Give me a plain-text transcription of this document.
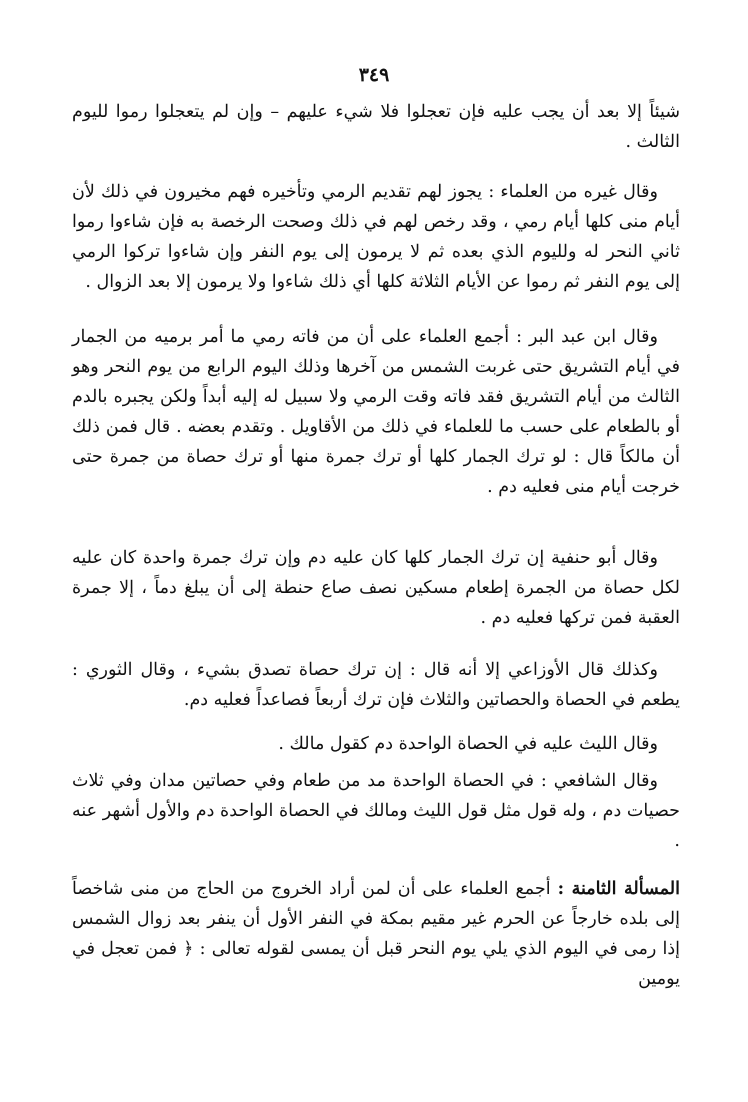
٣٤٩

شيئاً إلا بعد أن يجب عليه فإن تعجلوا فلا شيء عليهم – وإن لم يتعجلوا رموا لليوم الثالث .

وقال غيره من العلماء : يجوز لهم تقديم الرمي وتأخيره فهم مخيرون في ذلك لأن أيام منى كلها أيام رمي ، وقد رخص لهم في ذلك وصحت الرخصة به فإن شاءوا رموا ثاني النحر له ولليوم الذي بعده ثم لا يرمون إلى يوم النفر وإن شاءوا تركوا الرمي إلى يوم النفر ثم رموا عن الأيام الثلاثة كلها أي ذلك شاءوا ولا يرمون إلا بعد الزوال .

وقال ابن عبد البر : أجمع العلماء على أن من فاته رمي ما أمر برميه من الجمار في أيام التشريق حتى غربت الشمس من آخرها وذلك اليوم الرابع من يوم النحر وهو الثالث من أيام التشريق فقد فاته وقت الرمي ولا سبيل له إليه أبداً ولكن يجبره بالدم أو بالطعام على حسب ما للعلماء في ذلك من الأقاويل . وتقدم بعضه . قال فمن ذلك أن مالكاً قال : لو ترك الجمار كلها أو ترك جمرة منها أو ترك حصاة من جمرة حتى خرجت أيام منى فعليه دم .

وقال أبو حنفية إن ترك الجمار كلها كان عليه دم وإن ترك جمرة واحدة كان عليه لكل حصاة من الجمرة إطعام مسكين نصف صاع حنطة إلى أن يبلغ دماً ، إلا جمرة العقبة فمن تركها فعليه دم .

وكذلك قال الأوزاعي إلا أنه قال : إن ترك حصاة تصدق بشيء ، وقال الثوري : يطعم في الحصاة والحصاتين والثلاث فإن ترك أربعاً فصاعداً فعليه دم.

وقال الليث عليه في الحصاة الواحدة دم كقول مالك .

وقال الشافعي : في الحصاة الواحدة مد من طعام وفي حصاتين مدان وفي ثلاث حصيات دم ، وله قول مثل قول الليث ومالك في الحصاة الواحدة دم والأول أشهر عنه .

المسألة الثامنة : أجمع العلماء على أن لمن أراد الخروج من الحاج من منى شاخصاً إلى بلده خارجاً عن الحرم غير مقيم بمكة في النفر الأول أن ينفر بعد زوال الشمس إذا رمى في اليوم الذي يلي يوم النحر قبل أن يمسى لقوله تعالى : ﴿ فمن تعجل في يومين
